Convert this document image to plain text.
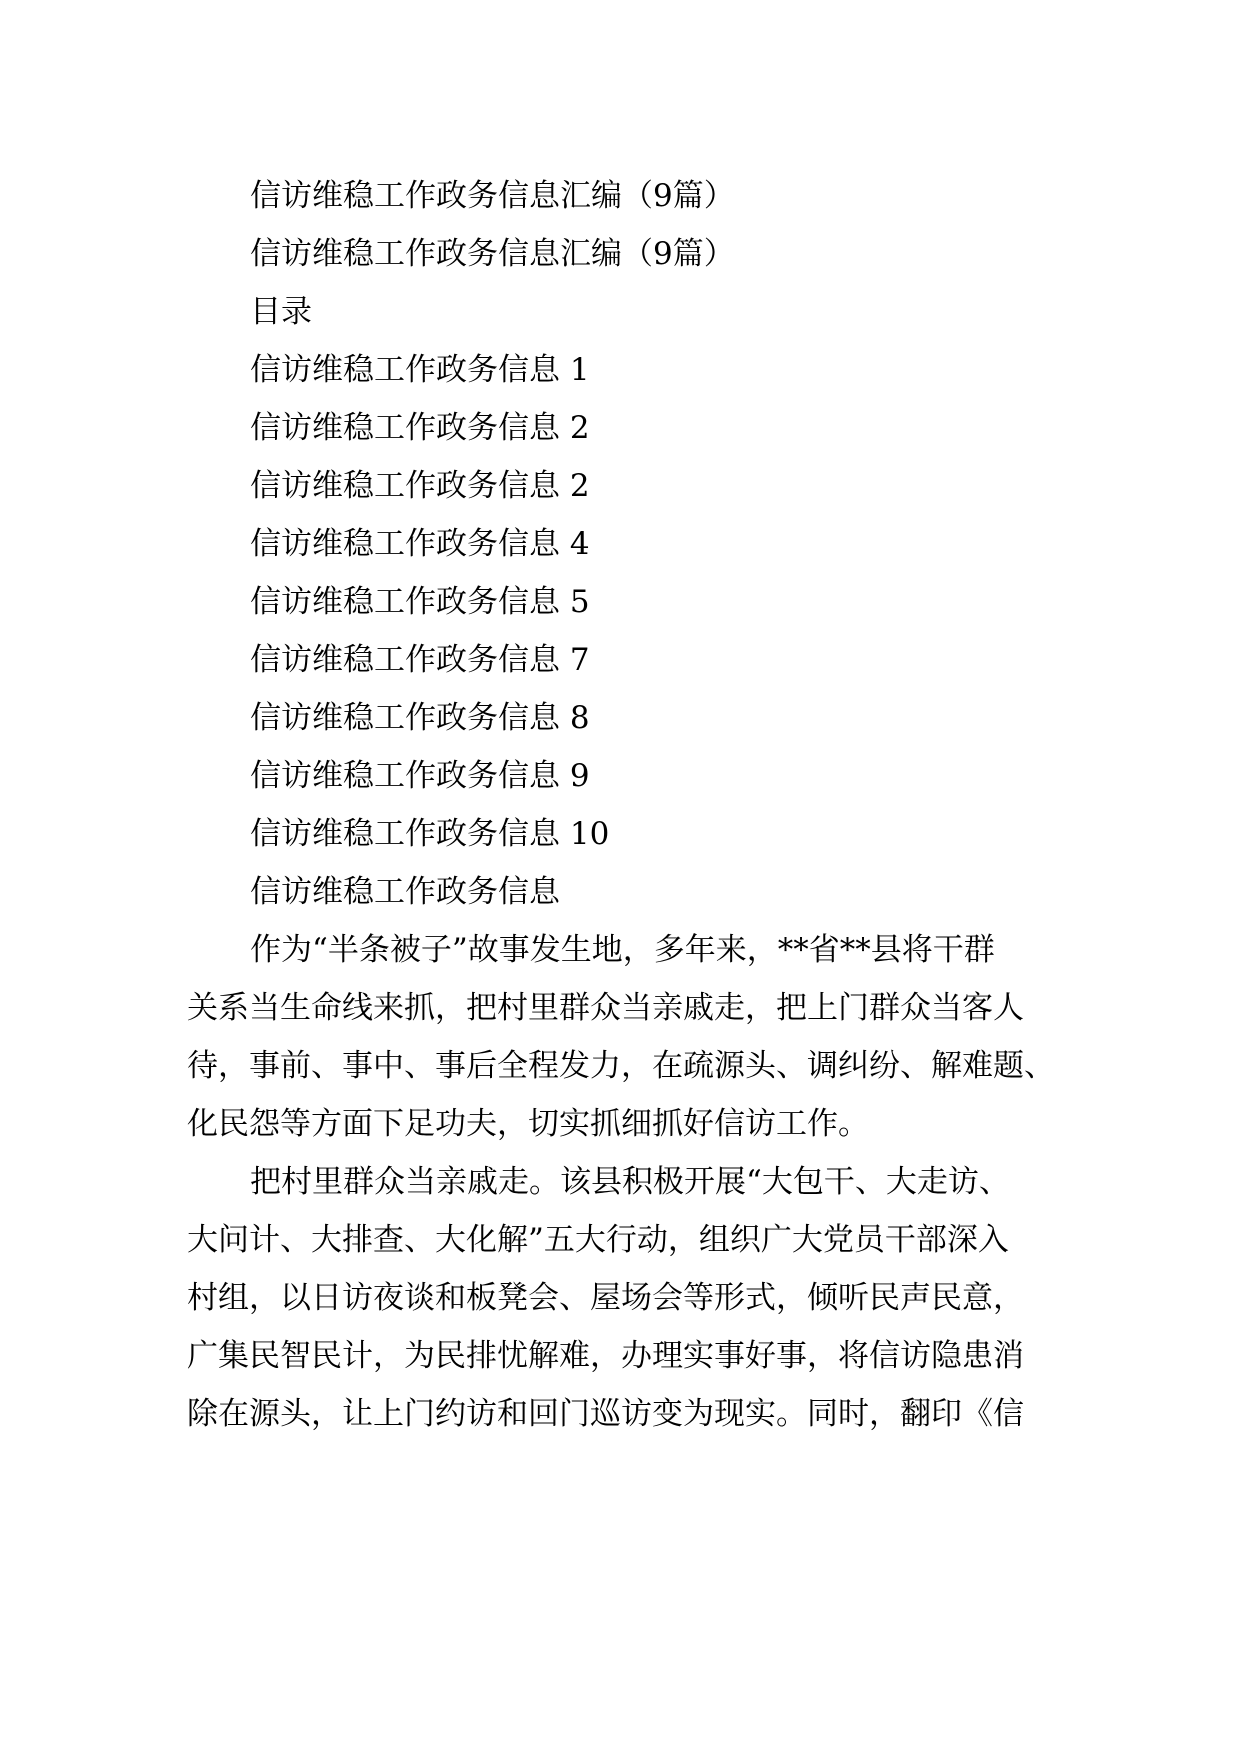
信访维稳工作政务信息汇编（9篇）
信访维稳工作政务信息汇编（9篇）
目录
信访维稳工作政务信息 1
信访维稳工作政务信息 2
信访维稳工作政务信息 2
信访维稳工作政务信息 4
信访维稳工作政务信息 5
信访维稳工作政务信息 7
信访维稳工作政务信息 8
信访维稳工作政务信息 9
信访维稳工作政务信息 10
信访维稳工作政务信息
作为“半条被子”故事发生地，多年来，**省**县将干群
关系当生命线来抓，把村里群众当亲戚走，把上门群众当客人
待，事前、事中、事后全程发力，在疏源头、调纠纷、解难题、
化民怨等方面下足功夫，切实抓细抓好信访工作。
把村里群众当亲戚走。该县积极开展“大包干、大走访、
大问计、大排查、大化解”五大行动，组织广大党员干部深入
村组，以日访夜谈和板凳会、屋场会等形式，倾听民声民意，
广集民智民计，为民排忧解难，办理实事好事，将信访隐患消
除在源头，让上门约访和回门巡访变为现实。同时，翻印《信
